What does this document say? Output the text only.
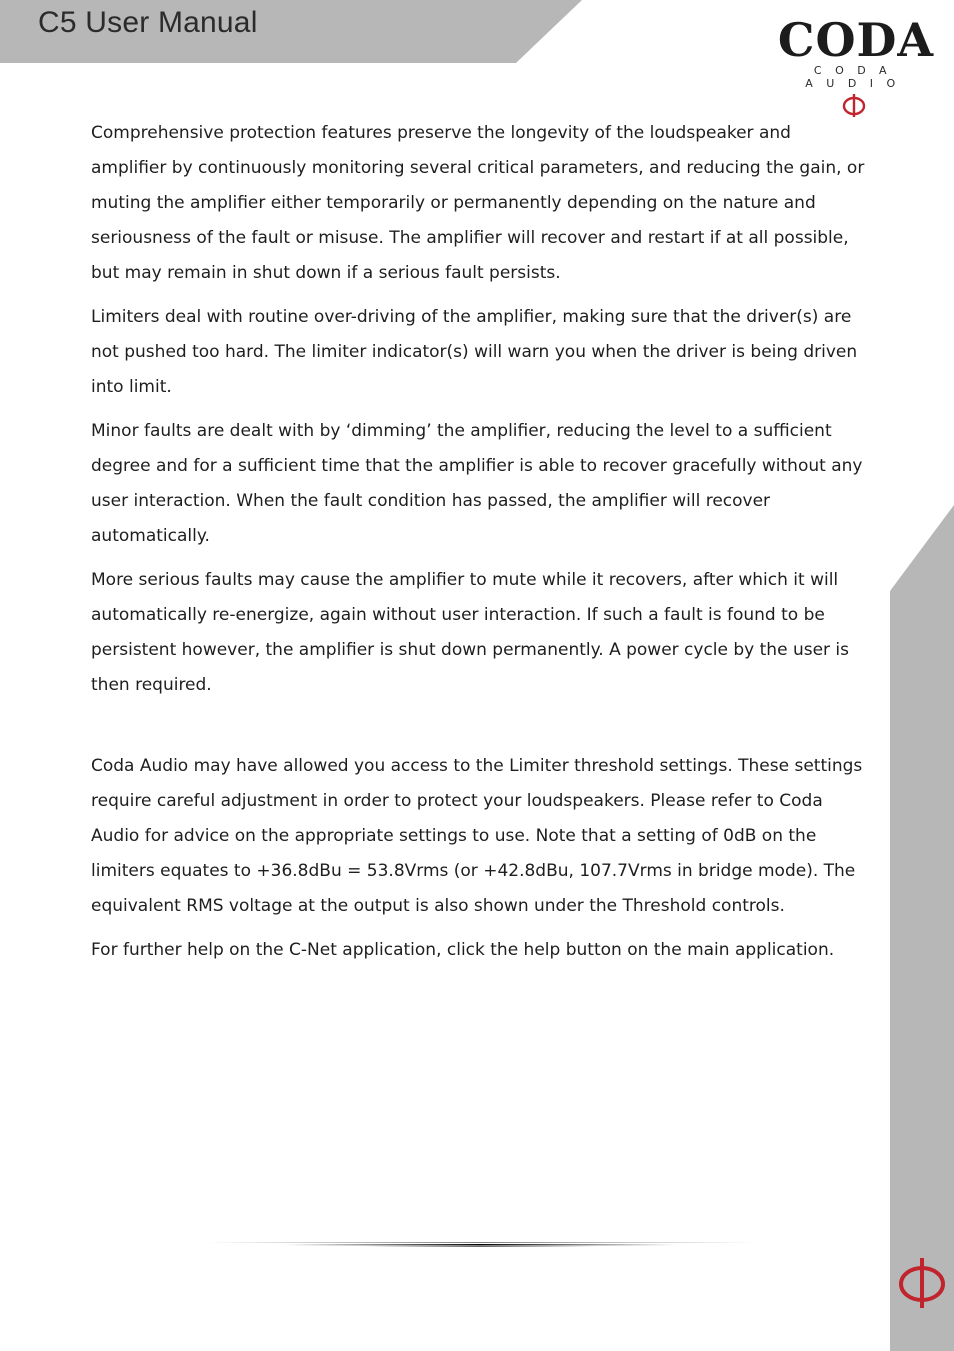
C5 User Manual	CODA
CODA AUDIO

Comprehensive protection features preserve the longevity of the loudspeaker and amplifier by continuously monitoring several critical parameters, and reducing the gain, or muting the amplifier either temporarily or permanently depending on the nature and seriousness of the fault or misuse. The amplifier will recover and restart if at all possible, but may remain in shut down if a serious fault persists.

Limiters deal with routine over-driving of the amplifier, making sure that the driver(s) are not pushed too hard. The limiter indicator(s) will warn you when the driver is being driven into limit.

Minor faults are dealt with by ‘dimming’ the amplifier, reducing the level to a sufficient degree and for a sufficient time that the amplifier is able to recover gracefully without any user interaction. When the fault condition has passed, the amplifier will recover automatically.

More serious faults may cause the amplifier to mute while it recovers, after which it will automatically re-energize, again without user interaction. If such a fault is found to be persistent however, the amplifier is shut down permanently. A power cycle by the user is then required.

Coda Audio may have allowed you access to the Limiter threshold settings. These settings require careful adjustment in order to protect your loudspeakers. Please refer to Coda Audio for advice on the appropriate settings to use. Note that a setting of 0dB on the limiters equates to +36.8dBu = 53.8Vrms (or +42.8dBu, 107.7Vrms in bridge mode). The equivalent RMS voltage at the output is also shown under the Threshold controls.

For further help on the C-Net application, click the help button on the main application.
